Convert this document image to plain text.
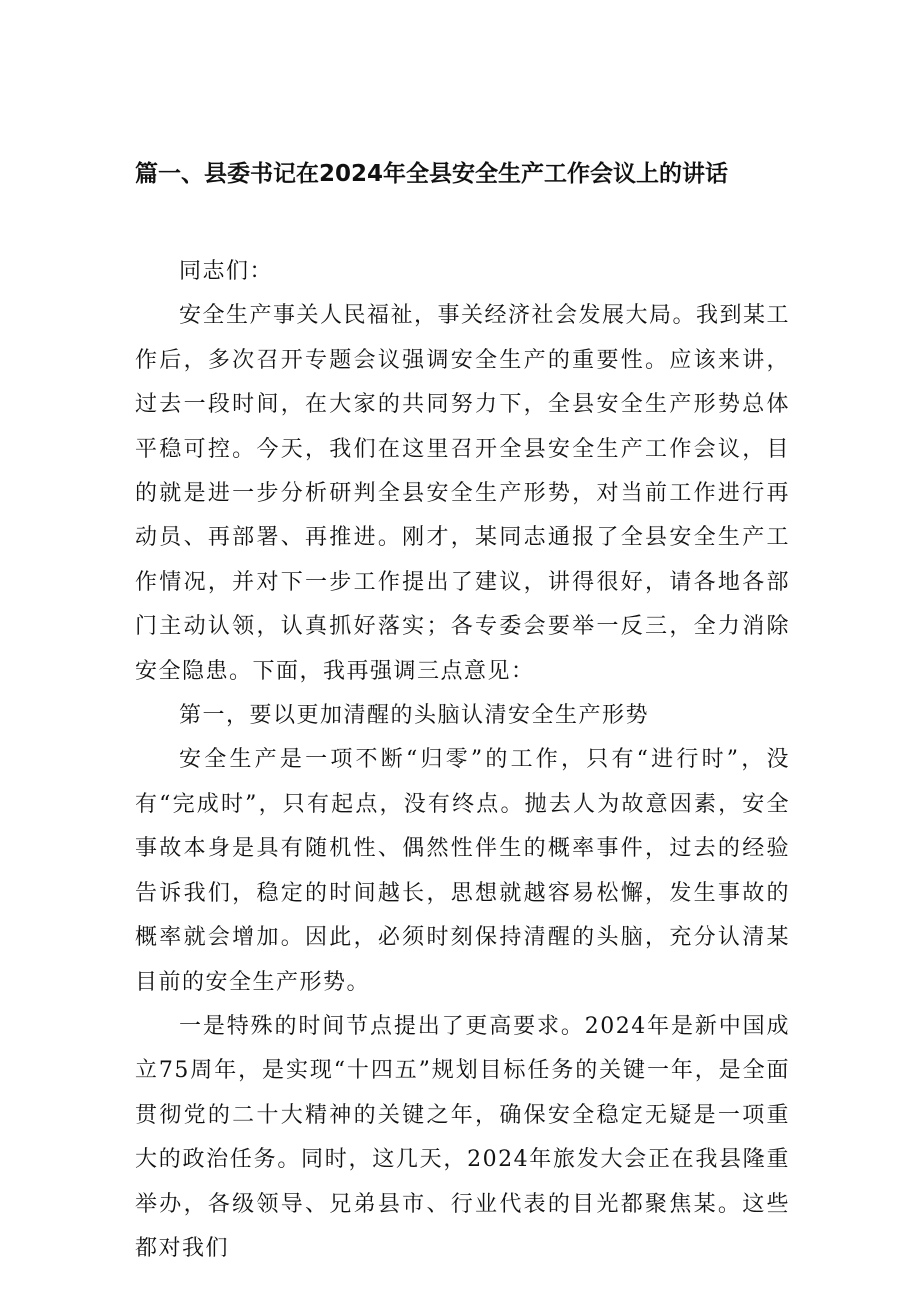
篇一、县委书记在2024年全县安全生产工作会议上的讲话

同志们：

安全生产事关人民福祉，事关经济社会发展大局。我到某工作后，多次召开专题会议强调安全生产的重要性。应该来讲，过去一段时间，在大家的共同努力下，全县安全生产形势总体平稳可控。今天，我们在这里召开全县安全生产工作会议，目的就是进一步分析研判全县安全生产形势，对当前工作进行再动员、再部署、再推进。刚才，某同志通报了全县安全生产工作情况，并对下一步工作提出了建议，讲得很好，请各地各部门主动认领，认真抓好落实；各专委会要举一反三，全力消除安全隐患。下面，我再强调三点意见：

第一，要以更加清醒的头脑认清安全生产形势

安全生产是一项不断“归零”的工作，只有“进行时”，没有“完成时”，只有起点，没有终点。抛去人为故意因素，安全事故本身是具有随机性、偶然性伴生的概率事件，过去的经验告诉我们，稳定的时间越长，思想就越容易松懈，发生事故的概率就会增加。因此，必须时刻保持清醒的头脑，充分认清某目前的安全生产形势。

一是特殊的时间节点提出了更高要求。2024年是新中国成立75周年，是实现“十四五”规划目标任务的关键一年，是全面贯彻党的二十大精神的关键之年，确保安全稳定无疑是一项重大的政治任务。同时，这几天，2024年旅发大会正在我县隆重举办，各级领导、兄弟县市、行业代表的目光都聚焦某。这些都对我们
